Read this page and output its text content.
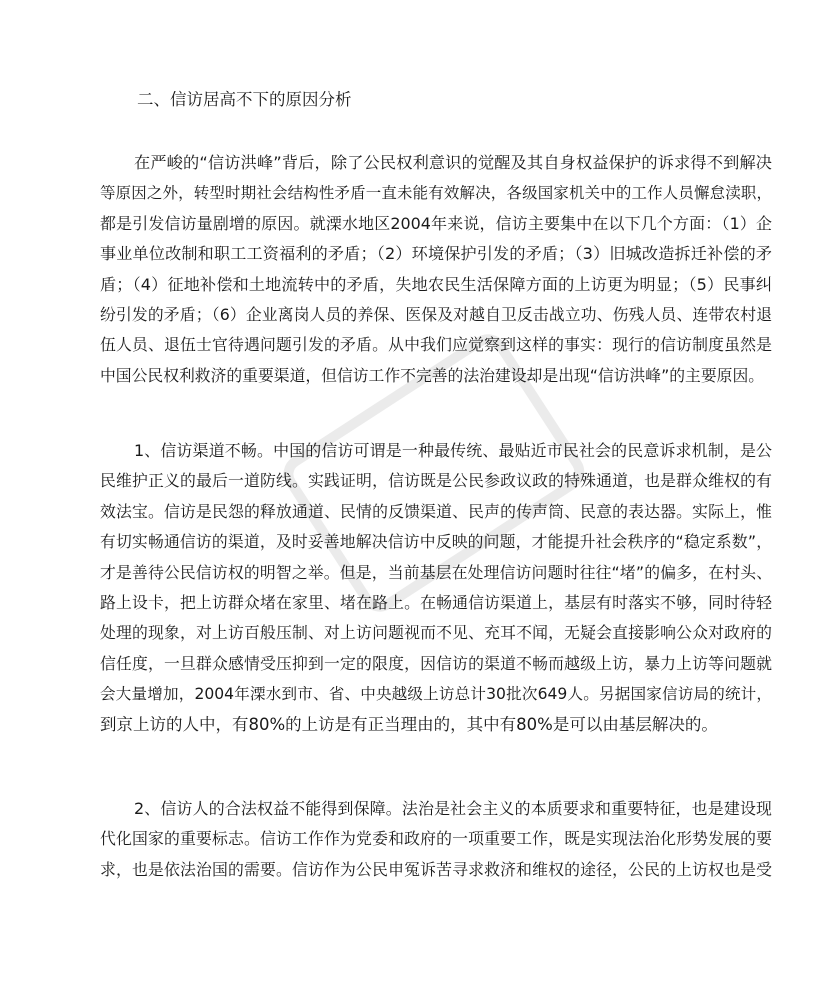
二、信访居高不下的原因分析
在严峻的“信访洪峰”背后，除了公民权利意识的觉醒及其自身权益保护的诉求得不到解决
等原因之外，转型时期社会结构性矛盾一直未能有效解决，各级国家机关中的工作人员懈怠渎职，
都是引发信访量剧增的原因。就溧水地区2004年来说，信访主要集中在以下几个方面：（1）企
事业单位改制和职工工资福利的矛盾；（2）环境保护引发的矛盾；（3）旧城改造拆迁补偿的矛
盾；（4）征地补偿和土地流转中的矛盾，失地农民生活保障方面的上访更为明显；（5）民事纠
纷引发的矛盾；（6）企业离岗人员的养保、医保及对越自卫反击战立功、伤残人员、连带农村退
伍人员、退伍士官待遇问题引发的矛盾。从中我们应觉察到这样的事实：现行的信访制度虽然是
中国公民权利救济的重要渠道，但信访工作不完善的法治建设却是出现“信访洪峰”的主要原因。
1、信访渠道不畅。中国的信访可谓是一种最传统、最贴近市民社会的民意诉求机制，是公
民维护正义的最后一道防线。实践证明，信访既是公民参政议政的特殊通道，也是群众维权的有
效法宝。信访是民怨的释放通道、民情的反馈渠道、民声的传声筒、民意的表达器。实际上，惟
有切实畅通信访的渠道，及时妥善地解决信访中反映的问题，才能提升社会秩序的“稳定系数”，
才是善待公民信访权的明智之举。但是，当前基层在处理信访问题时往往“堵”的偏多，在村头、
路上设卡，把上访群众堵在家里、堵在路上。在畅通信访渠道上，基层有时落实不够，同时待轻
处理的现象，对上访百般压制、对上访问题视而不见、充耳不闻，无疑会直接影响公众对政府的
信任度，一旦群众感情受压抑到一定的限度，因信访的渠道不畅而越级上访，暴力上访等问题就
会大量增加，2004年溧水到市、省、中央越级上访总计30批次649人。另据国家信访局的统计，
到京上访的人中，有80%的上访是有正当理由的，其中有80%是可以由基层解决的。
2、信访人的合法权益不能得到保障。法治是社会主义的本质要求和重要特征，也是建设现
代化国家的重要标志。信访工作作为党委和政府的一项重要工作，既是实现法治化形势发展的要
求，也是依法治国的需要。信访作为公民申冤诉苦寻求救济和维权的途径，公民的上访权也是受
